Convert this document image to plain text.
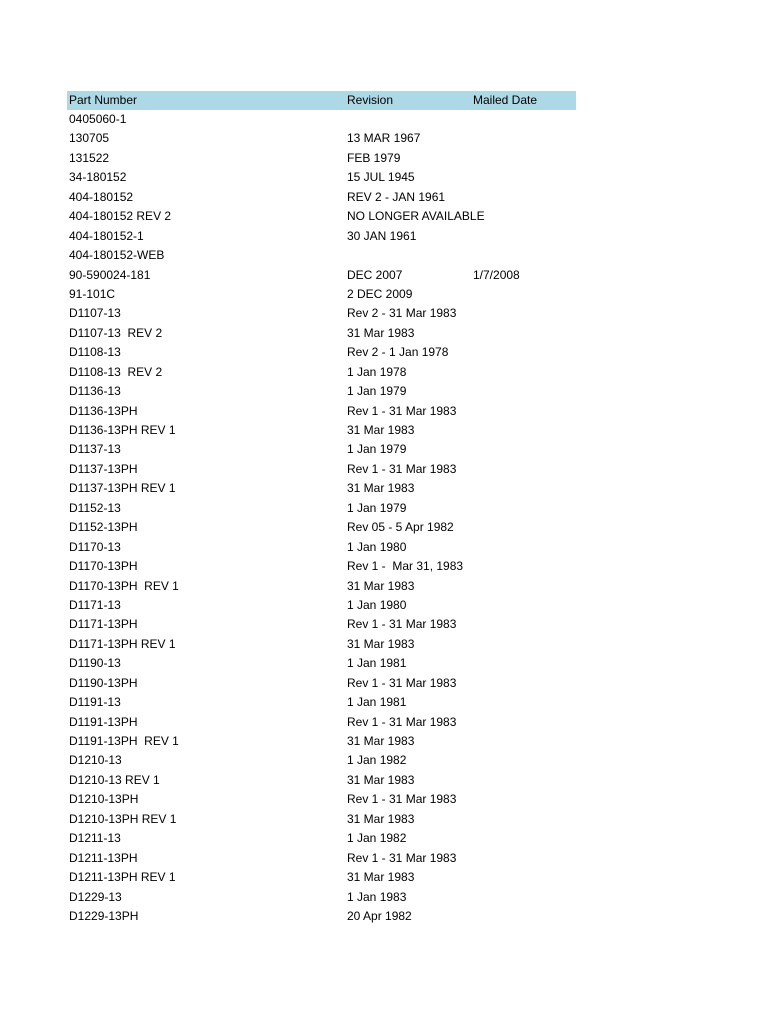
Part Number	Revision	Mailed Date
0405060-1
130705	13 MAR 1967
131522	FEB 1979
34-180152	15 JUL 1945
404-180152	REV 2 - JAN 1961
404-180152 REV 2	NO LONGER AVAILABLE
404-180152-1	30 JAN 1961
404-180152-WEB
90-590024-181	DEC 2007	1/7/2008
91-101C	2 DEC 2009
D1107-13	Rev 2 - 31 Mar 1983
D1107-13  REV 2	31 Mar 1983
D1108-13	Rev 2 - 1 Jan 1978
D1108-13  REV 2	1 Jan 1978
D1136-13	1 Jan 1979
D1136-13PH	Rev 1 - 31 Mar 1983
D1136-13PH REV 1	31 Mar 1983
D1137-13	1 Jan 1979
D1137-13PH	Rev 1 - 31 Mar 1983
D1137-13PH REV 1	31 Mar 1983
D1152-13	1 Jan 1979
D1152-13PH	Rev 05 - 5 Apr 1982
D1170-13	1 Jan 1980
D1170-13PH	Rev 1 -  Mar 31, 1983
D1170-13PH  REV 1	31 Mar 1983
D1171-13	1 Jan 1980
D1171-13PH	Rev 1 - 31 Mar 1983
D1171-13PH REV 1	31 Mar 1983
D1190-13	1 Jan 1981
D1190-13PH	Rev 1 - 31 Mar 1983
D1191-13	1 Jan 1981
D1191-13PH	Rev 1 - 31 Mar 1983
D1191-13PH  REV 1	31 Mar 1983
D1210-13	1 Jan 1982
D1210-13 REV 1	31 Mar 1983
D1210-13PH	Rev 1 - 31 Mar 1983
D1210-13PH REV 1	31 Mar 1983
D1211-13	1 Jan 1982
D1211-13PH	Rev 1 - 31 Mar 1983
D1211-13PH REV 1	31 Mar 1983
D1229-13	1 Jan 1983
D1229-13PH	20 Apr 1982
